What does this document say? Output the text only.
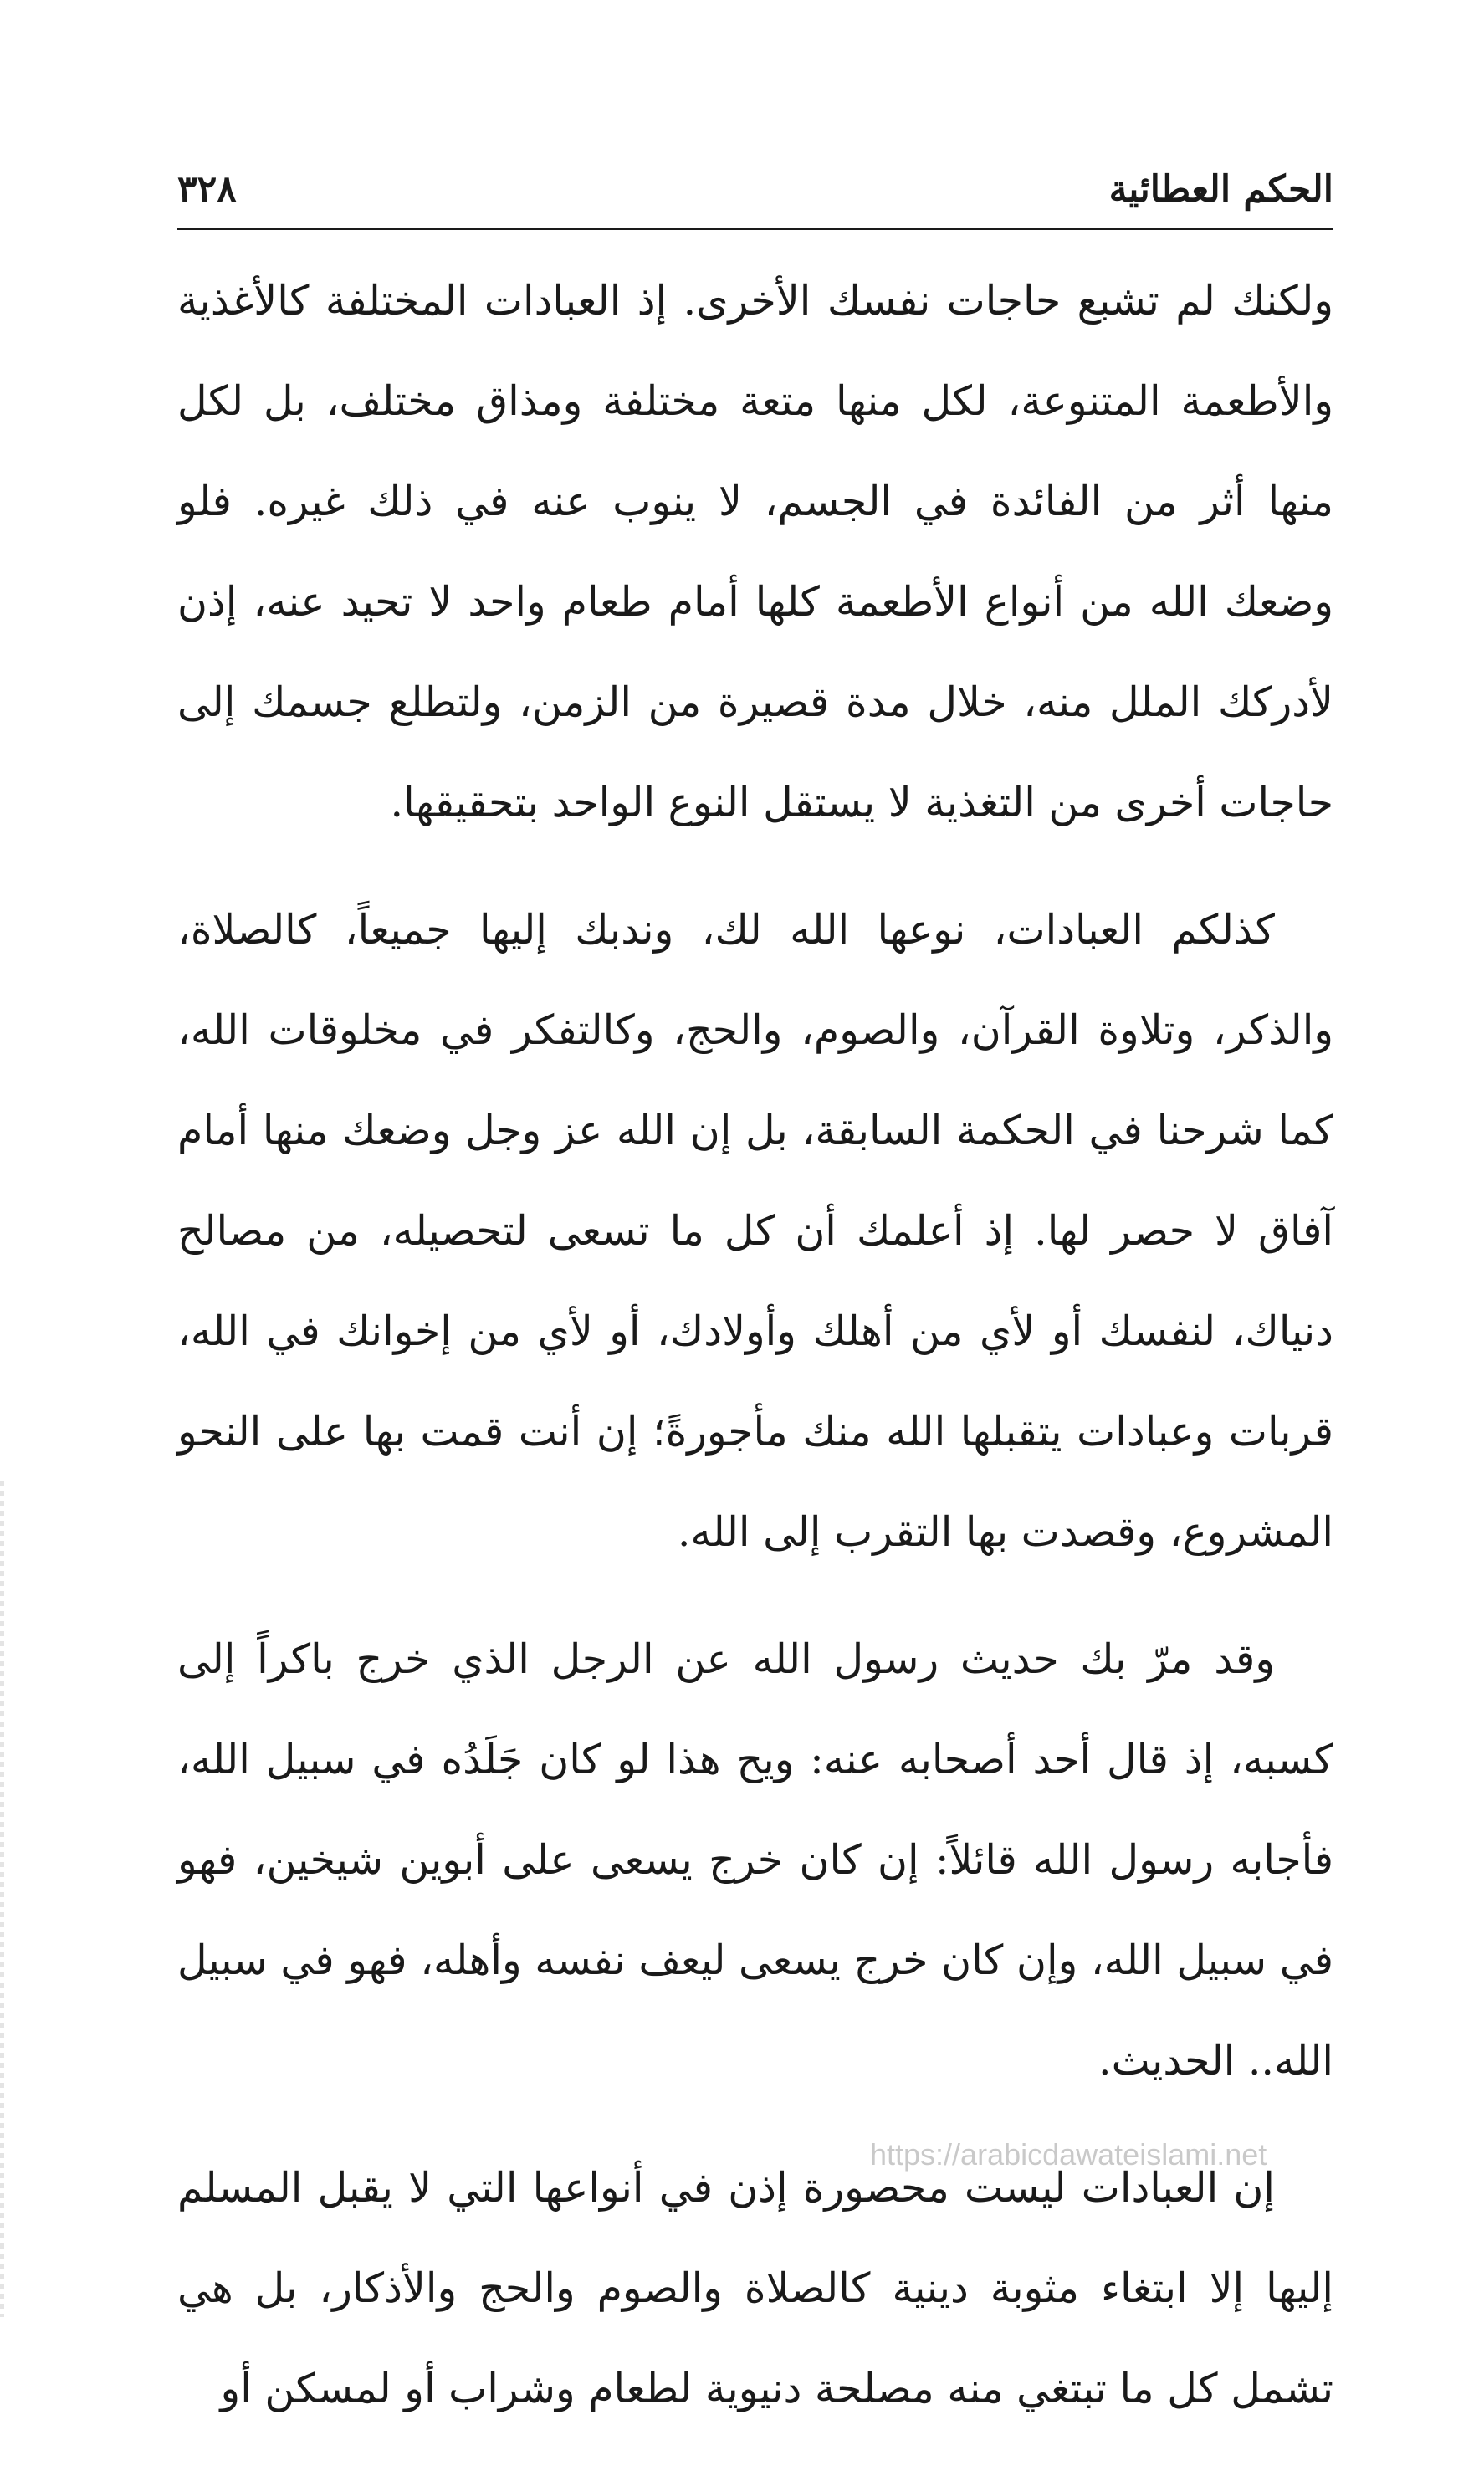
الحكم العطائية
٣٢٨

ولكنك لم تشبع حاجات نفسك الأخرى. إذ العبادات المختلفة كالأغذية والأطعمة المتنوعة، لكل منها متعة مختلفة ومذاق مختلف، بل لكل منها أثر من الفائدة في الجسم، لا ينوب عنه في ذلك غيره. فلو وضعك الله من أنواع الأطعمة كلها أمام طعام واحد لا تحيد عنه، إذن لأدركك الملل منه، خلال مدة قصيرة من الزمن، ولتطلع جسمك إلى حاجات أخرى من التغذية لا يستقل النوع الواحد بتحقيقها.

كذلكم العبادات، نوعها الله لك، وندبك إليها جميعاً، كالصلاة، والذكر، وتلاوة القرآن، والصوم، والحج، وكالتفكر في مخلوقات الله، كما شرحنا في الحكمة السابقة، بل إن الله عز وجل وضعك منها أمام آفاق لا حصر لها. إذ أعلمك أن كل ما تسعى لتحصيله، من مصالح دنياك، لنفسك أو لأي من أهلك وأولادك، أو لأي من إخوانك في الله، قربات وعبادات يتقبلها الله منك مأجورةً؛ إن أنت قمت بها على النحو المشروع، وقصدت بها التقرب إلى الله.

وقد مرّ بك حديث رسول الله عن الرجل الذي خرج باكراً إلى كسبه، إذ قال أحد أصحابه عنه: ويح هذا لو كان جَلَدُه في سبيل الله، فأجابه رسول الله قائلاً: إن كان خرج يسعى على أبوين شيخين، فهو في سبيل الله، وإن كان خرج يسعى ليعف نفسه وأهله، فهو في سبيل الله.. الحديث.

إن العبادات ليست محصورة إذن في أنواعها التي لا يقبل المسلم إليها إلا ابتغاء مثوبة دينية كالصلاة والصوم والحج والأذكار، بل هي تشمل كل ما تبتغي منه مصلحة دنيوية لطعام وشراب أو لمسكن أو

https://arabicdawateislami.net
